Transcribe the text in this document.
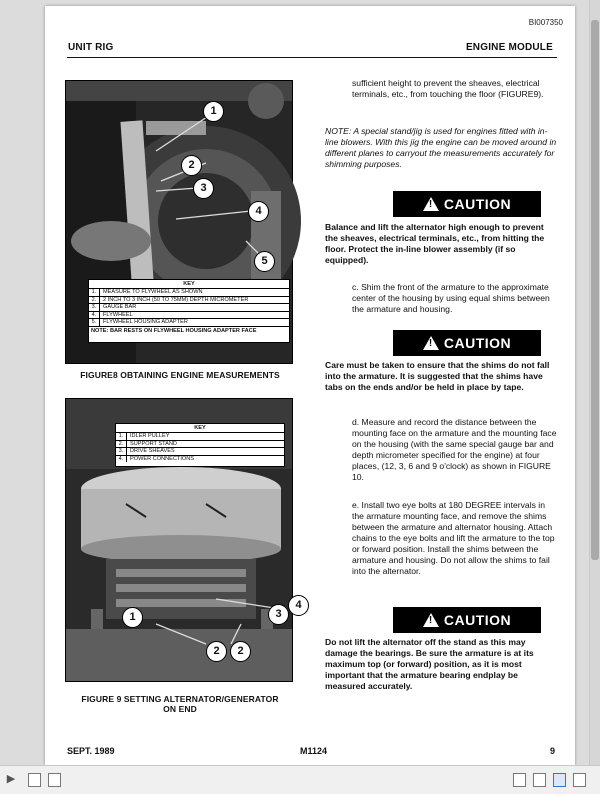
BI007350
UNIT RIG	ENGINE MODULE
1
2
3
4
5
KEY
1.	MEASURE TO FLYWHEEL AS SHOWN
2.	2 INCH TO 3 INCH (50 TO 75MM) DEPTH MICROMETER
3.	GAUGE BAR
4.	FLYWHEEL
5.	FLYWHEEL HOUSING ADAPTER
NOTE: BAR RESTS ON FLYWHEEL HOUSING ADAPTER FACE
FIGURE8 OBTAINING ENGINE MEASUREMENTS
1
2	2
3
4
KEY
1.	IDLER PULLEY
2.	SUPPORT STAND
3.	DRIVE SHEAVES
4.	POWER CONNECTIONS
FIGURE 9 SETTING ALTERNATOR/GENERATOR
ON END
sufficient height to prevent the sheaves, electrical terminals, etc., from touching the floor (FIGURE9).
NOTE: A special stand/jig is used for engines fitted with in-line blowers. With this jig the engine can be moved around in different planes to carryout the measurements accurately for shimming purposes.
!CAUTION
Balance and lift the alternator high enough to prevent the sheaves, electrical terminals, etc., from hitting the floor. Protect the in-line blower assembly (if so equipped).
c. Shim the front of the armature to the approximate center of the housing by using equal shims between the armature and housing.
!CAUTION
Care must be taken to ensure that the shims do not fall into the armature. It is suggested that the shims have tabs on the ends and/or be held in place by tape.
d. Measure and record the distance between the mounting face on the armature and the mounting face on the housing (with the same special gauge bar and depth micrometer specified for the engine) at four places, (12, 3, 6 and 9 o'clock) as shown in FIGURE 10.
e. Install two eye bolts at 180 DEGREE intervals in the armature mounting face, and remove the shims between the armature and alternator housing. Attach chains to the eye bolts and lift the armature to the top or forward position. Install the shims between the armature and housing. Do not allow the shims to fail into the alternator.
!CAUTION
Do not lift the alternator off the stand as this may damage the bearings. Be sure the armature is at its maximum top (or forward) position, as it is most important that the armature bearing endplay be measured accurately.
SEPT. 1989	M1124	9
▶
